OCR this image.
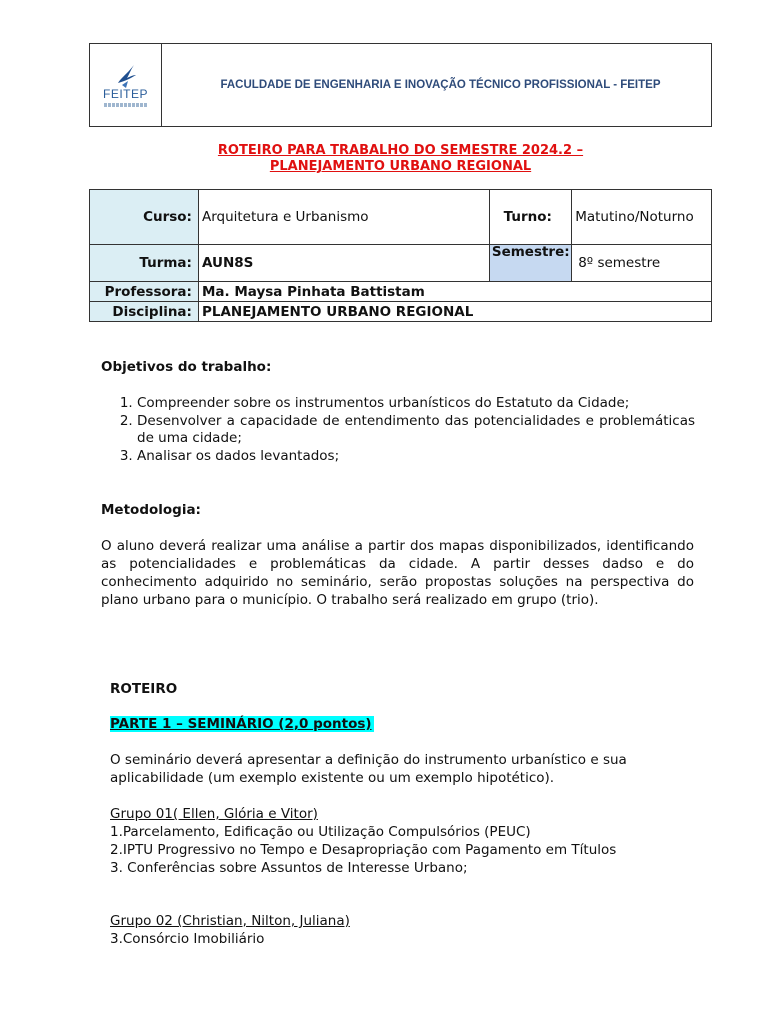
FEITEP
FACULDADE DE ENGENHARIA E INOVAÇÃO TÉCNICO PROFISSIONAL - FEITEP
ROTEIRO PARA TRABALHO DO SEMESTRE 2024.2 –
PLANEJAMENTO URBANO REGIONAL
Curso:	Arquitetura e Urbanismo	Turno:	Matutino/Noturno
Turma:	AUN8S	Semestre:	8º semestre
Professora:	Ma. Maysa Pinhata Battistam		
Disciplina:	PLANEJAMENTO URBANO REGIONAL		
Objetivos do trabalho:
1. Compreender sobre os instrumentos urbanísticos do Estatuto da Cidade;
2. Desenvolver a capacidade de entendimento das potencialidades e problemáticas de uma cidade;
3. Analisar os dados levantados;
Metodologia:
O aluno deverá realizar uma análise a partir dos mapas disponibilizados, identificando as potencialidades e problemáticas da cidade. A partir desses dadso e do conhecimento adquirido no seminário, serão propostas soluções na perspectiva do plano urbano para o município. O trabalho será realizado em grupo (trio).
ROTEIRO
PARTE 1 – SEMINÁRIO (2,0 pontos)
O seminário deverá apresentar a definição do instrumento urbanístico e sua aplicabilidade (um exemplo existente ou um exemplo hipotético).
Grupo 01( Ellen, Glória e Vitor)
1.Parcelamento, Edificação ou Utilização Compulsórios (PEUC)
2.IPTU Progressivo no Tempo e Desapropriação com Pagamento em Títulos
3. Conferências sobre Assuntos de Interesse Urbano;
Grupo 02 (Christian, Nilton, Juliana)
3.Consórcio Imobiliário
